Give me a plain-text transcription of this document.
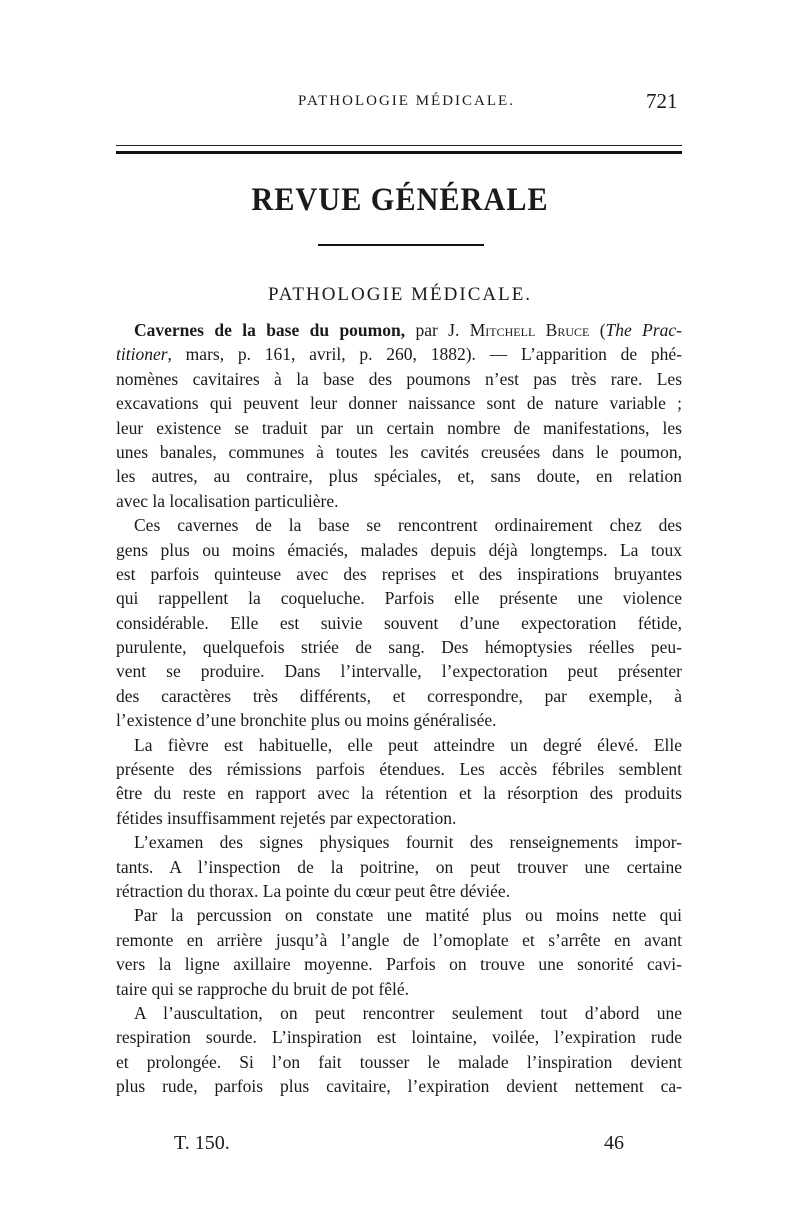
PATHOLOGIE MÉDICALE.	721
REVUE GÉNÉRALE
PATHOLOGIE MÉDICALE.
Cavernes de la base du poumon, par J. Mitchell Bruce (The Prac-
titioner, mars, p. 161, avril, p. 260, 1882). — L’apparition de phé-
nomènes cavitaires à la base des poumons n’est pas très rare. Les
excavations qui peuvent leur donner naissance sont de nature variable ;
leur existence se traduit par un certain nombre de manifestations, les
unes banales, communes à toutes les cavités creusées dans le poumon,
les autres, au contraire, plus spéciales, et, sans doute, en relation
avec la localisation particulière.
Ces cavernes de la base se rencontrent ordinairement chez des
gens plus ou moins émaciés, malades depuis déjà longtemps. La toux
est parfois quinteuse avec des reprises et des inspirations bruyantes
qui rappellent la coqueluche. Parfois elle présente une violence
considérable. Elle est suivie souvent d’une expectoration fétide,
purulente, quelquefois striée de sang. Des hémoptysies réelles peu-
vent se produire. Dans l’intervalle, l’expectoration peut présenter
des caractères très différents, et correspondre, par exemple, à
l’existence d’une bronchite plus ou moins généralisée.
La fièvre est habituelle, elle peut atteindre un degré élevé. Elle
présente des rémissions parfois étendues. Les accès fébriles semblent
être du reste en rapport avec la rétention et la résorption des produits
fétides insuffisamment rejetés par expectoration.
L’examen des signes physiques fournit des renseignements impor-
tants. A l’inspection de la poitrine, on peut trouver une certaine
rétraction du thorax. La pointe du cœur peut être déviée.
Par la percussion on constate une matité plus ou moins nette qui
remonte en arrière jusqu’à l’angle de l’omoplate et s’arrête en avant
vers la ligne axillaire moyenne. Parfois on trouve une sonorité cavi-
taire qui se rapproche du bruit de pot fêlé.
A l’auscultation, on peut rencontrer seulement tout d’abord une
respiration sourde. L’inspiration est lointaine, voilée, l’expiration rude
et prolongée. Si l’on fait tousser le malade l’inspiration devient
plus rude, parfois plus cavitaire, l’expiration devient nettement ca-
T. 150.	46
